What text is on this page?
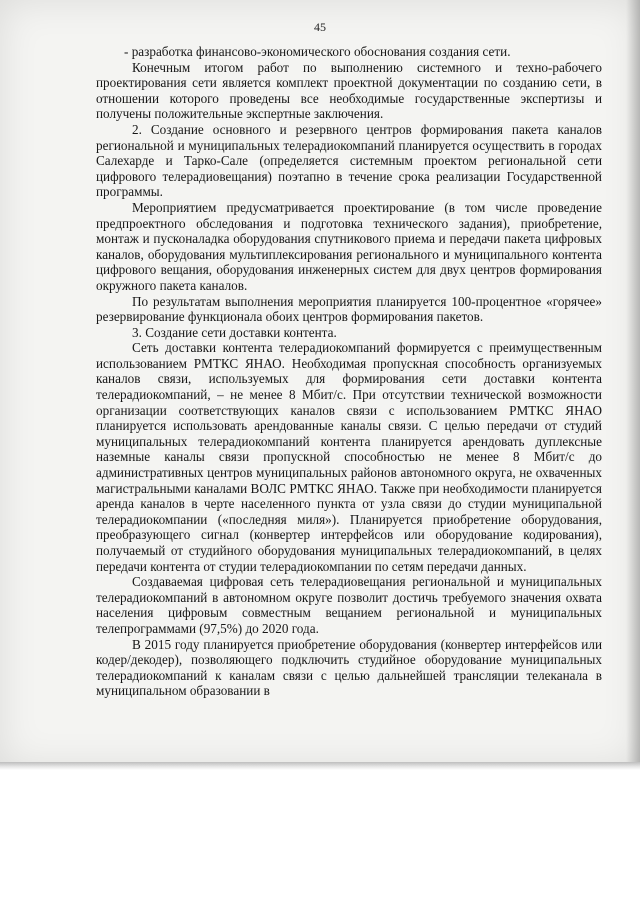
45

- разработка финансово-экономического обоснования создания сети.

Конечным итогом работ по выполнению системного и техно-рабочего проектирования сети является комплект проектной документации по созданию сети, в отношении которого проведены все необходимые государственные экспертизы и получены положительные экспертные заключения.

2. Создание основного и резервного центров формирования пакета каналов региональной и муниципальных телерадиокомпаний планируется осуществить в городах Салехарде и Тарко-Сале (определяется системным проектом региональной сети цифрового телерадиовещания) поэтапно в течение срока реализации Государственной программы.

Мероприятием предусматривается проектирование (в том числе проведение предпроектного обследования и подготовка технического задания), приобретение, монтаж и пусконаладка оборудования спутникового приема и передачи пакета цифровых каналов, оборудования мультиплексирования регионального и муниципального контента цифрового вещания, оборудования инженерных систем для двух центров формирования окружного пакета каналов.

По результатам выполнения мероприятия планируется 100-процентное «горячее» резервирование функционала обоих центров формирования пакетов.

3. Создание сети доставки контента.

Сеть доставки контента телерадиокомпаний формируется с преимущественным использованием РМТКС ЯНАО. Необходимая пропускная способность организуемых каналов связи, используемых для формирования сети доставки контента телерадиокомпаний, – не менее 8 Мбит/с. При отсутствии технической возможности организации соответствующих каналов связи с использованием РМТКС ЯНАО планируется использовать арендованные каналы связи. С целью передачи от студий муниципальных телерадиокомпаний контента планируется арендовать дуплексные наземные каналы связи пропускной способностью не менее 8 Мбит/с до административных центров муниципальных районов автономного округа, не охваченных магистральными каналами ВОЛС РМТКС ЯНАО. Также при необходимости планируется аренда каналов в черте населенного пункта от узла связи до студии муниципальной телерадиокомпании («последняя миля»). Планируется приобретение оборудования, преобразующего сигнал (конвертер интерфейсов или оборудование кодирования), получаемый от студийного оборудования муниципальных телерадиокомпаний, в целях передачи контента от студии телерадиокомпании по сетям передачи данных.

Создаваемая цифровая сеть телерадиовещания региональной и муниципальных телерадиокомпаний в автономном округе позволит достичь требуемого значения охвата населения цифровым совместным вещанием региональной и муниципальных телепрограммами (97,5%) до 2020 года.

В 2015 году планируется приобретение оборудования (конвертер интерфейсов или кодер/декодер), позволяющего подключить студийное оборудование муниципальных телерадиокомпаний к каналам связи с целью дальнейшей трансляции телеканала в муниципальном образовании в
